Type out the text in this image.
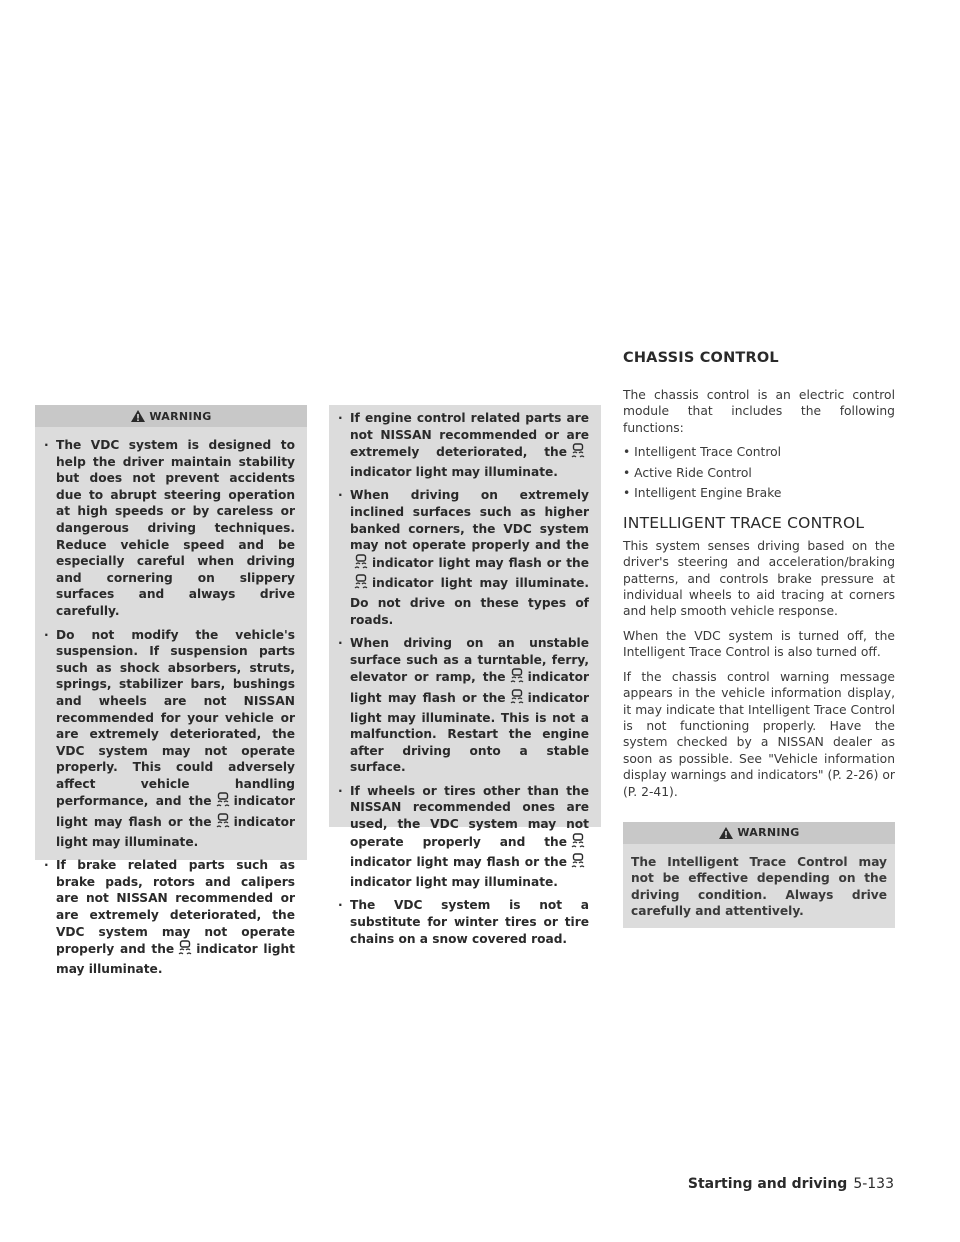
CHASSIS CONTROL
WARNING
· The VDC system is designed to help the driver maintain stability but does not prevent accidents due to abrupt steering operation at high speeds or by careless or dangerous driving techniques. Reduce vehicle speed and be especially careful when driving and cornering on slippery surfaces and always drive carefully.
· Do not modify the vehicle's suspension. If suspension parts such as shock absorbers, struts, springs, stabilizer bars, bushings and wheels are not NISSAN recommended for your vehicle or are extremely deteriorated, the VDC system may not operate properly. This could adversely affect vehicle handling performance, and the indicator light may flash or the indicator light may illuminate.
· If brake related parts such as brake pads, rotors and calipers are not NISSAN recommended or are extremely deteriorated, the VDC system may not operate properly and the indicator light may illuminate.
· If engine control related parts are not NISSAN recommended or are extremely deteriorated, theindicator light may illuminate.
· When driving on extremely inclined surfaces such as higher banked corners, the VDC system may not operate properly and theindicator light may flash or theindicator light may illuminate. Do not drive on these types of roads.
· When driving on an unstable surface such as a turntable, ferry, elevator or ramp, the indicator light may flash or the indicator light may illuminate. This is not a malfunction. Restart the engine after driving onto a stable surface.
· If wheels or tires other than the NISSAN recommended ones are used, the VDC system may not operate properly and theindicator light may flash or theindicator light may illuminate.
· The VDC system is not a substitute for winter tires or tire chains on a snow covered road.

The chassis control is an electric control module that includes the following functions:

• Intelligent Trace Control
• Active Ride Control
• Intelligent Engine Brake
INTELLIGENT TRACE CONTROL

This system senses driving based on the driver's steering and acceleration/braking patterns, and controls brake pressure at individual wheels to aid tracing at corners and help smooth vehicle response.

When the VDC system is turned off, the Intelligent Trace Control is also turned off.

If the chassis control warning message appears in the vehicle information display, it may indicate that Intelligent Trace Control is not functioning properly. Have the system checked by a NISSAN dealer as soon as possible. See "Vehicle information display warnings and indicators" (P. 2-26) or (P. 2-41).

WARNING
The Intelligent Trace Control may not be effective depending on the driving condition. Always drive carefully and attentively.
Starting and driving 5-133
